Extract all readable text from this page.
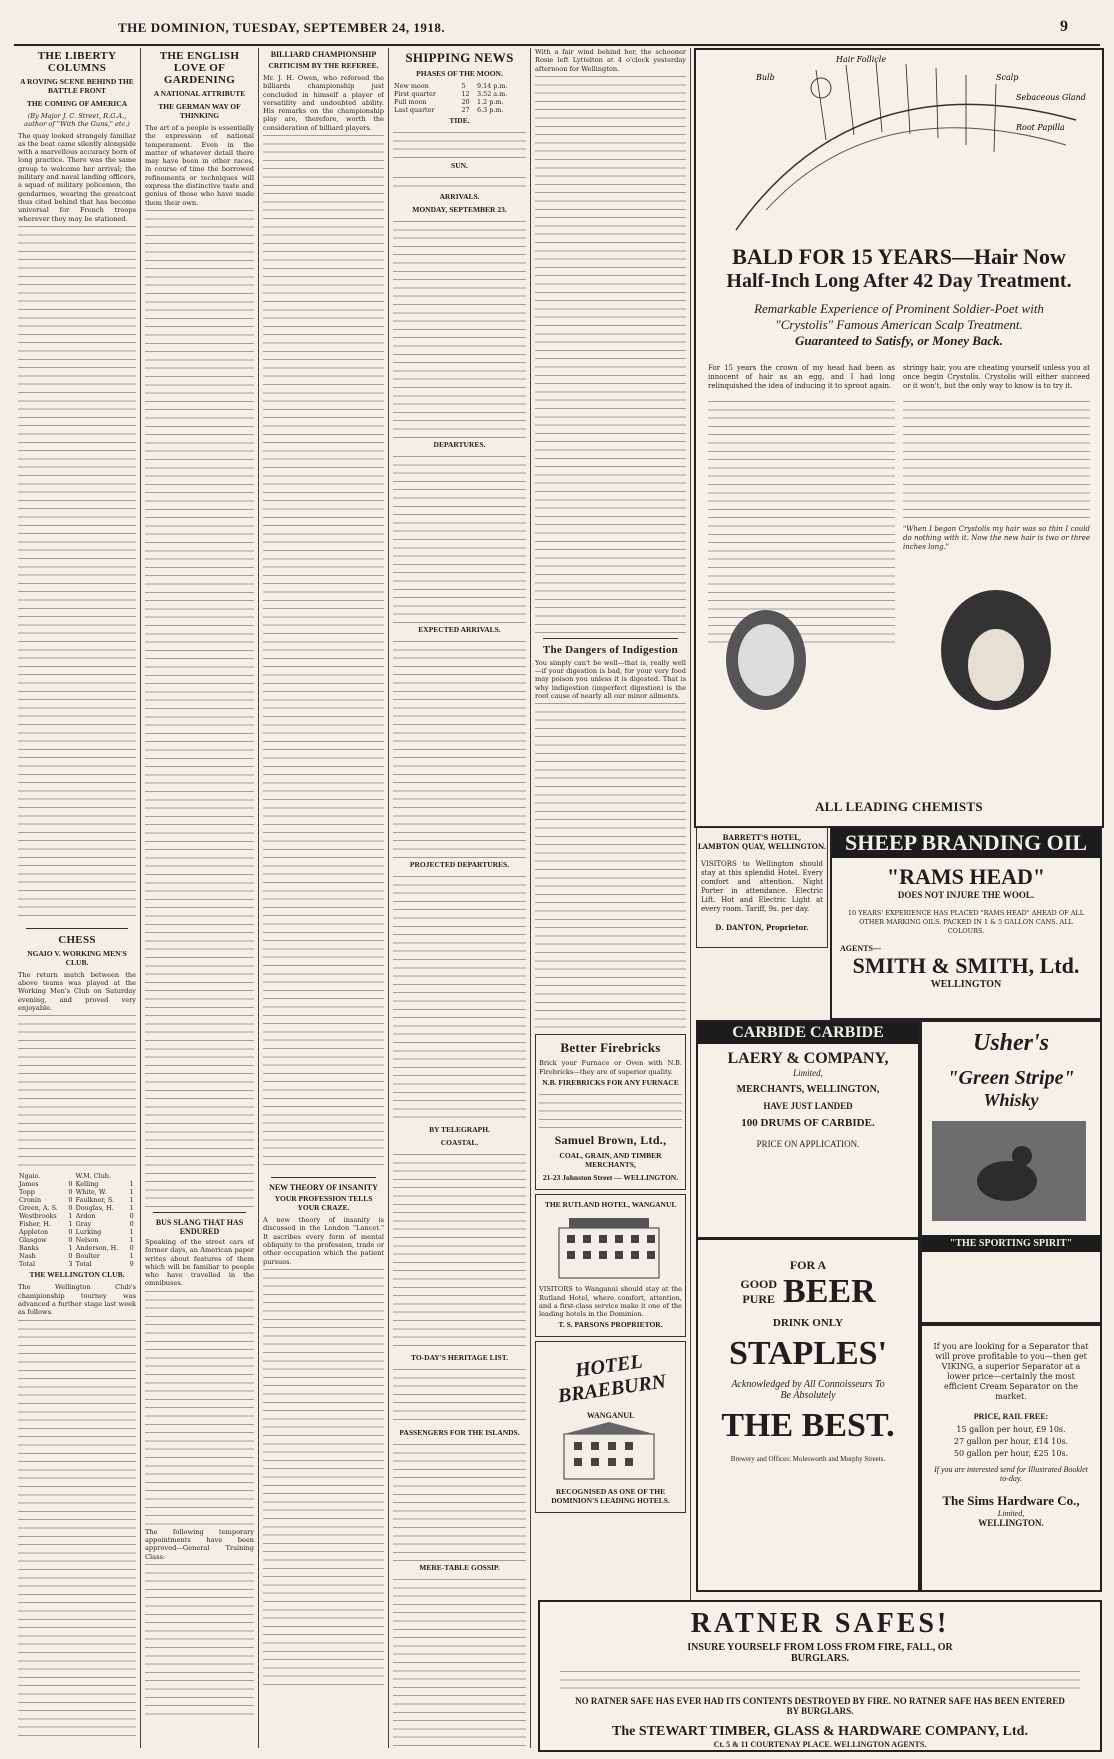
THE DOMINION, TUESDAY, SEPTEMBER 24, 1918.	9
THE LIBERTY COLUMNS
A ROVING SCENE BEHIND THE BATTLE FRONT
THE COMING OF AMERICA
(By Major J. C. Street, R.G.A., author of "With the Guns," etc.)

The quay looked strangely familiar as the boat came silently alongside with a marvellous accuracy born of long practice. There was the same group to welcome her arrival; the military and naval landing officers, a squad of military policemen, the gendarmes, wearing the greatcoat thus cited behind that has become universal for French troops wherever they may be stationed.

CHESS
NGAIO V. WORKING MEN'S CLUB.

The return match between the above teams was played at the Working Men's Club on Saturday evening, and proved very enjoyable.

Ngaio.		W.M. Club.	
James	0	Kelling	1
Topp	0	White, W.	1
Cronin	0	Faulkner, S.	1
Green, A. S.	0	Douglas, H.	1
Westbrooks	1	Ardon	0
Fisher, H.	1	Gray	0
Appleton	0	Lurking	1
Glasgow	0	Nelson	1
Banks	1	Anderson, H.	0
Nash	0	Boulter	1
Total	3	Total	9
THE WELLINGTON CLUB.

The Wellington Club's championship tourney was advanced a further stage last week as follows.

THE ENGLISH LOVE OF GARDENING
A NATIONAL ATTRIBUTE
THE GERMAN WAY OF THINKING

The art of a people is essentially the expression of national temperament. Even in the matter of whatever detail there may have been in other races, in course of time the borrowed refinements or techniques will express the distinctive taste and genius of those who have made them their own.

BUS SLANG THAT HAS ENDURED

Speaking of the street cars of former days, an American paper writes about features of them which will be familiar to people who have travelled in the omnibuses.

The following temporary appointments have been approved—General Training Class:

BILLIARD CHAMPIONSHIP
CRITICISM BY THE REFEREE.

Mr. J. H. Owen, who refereed the billiards championship just concluded in himself a player of versatility and undoubted ability. His remarks on the championship play are, therefore, worth the consideration of billiard players.

NEW THEORY OF INSANITY
YOUR PROFESSION TELLS YOUR CRAZE.

A new theory of insanity is discussed in the London "Lancet." It ascribes every form of mental obliquity to the profession, trade or other occupation which the patient pursues.

SHIPPING NEWS
PHASES OF THE MOON.
New moon	5	9.14 p.m.
First quarter	12	3.52 a.m.
Full moon	20	1.2 p.m.
Last quarter	27	6.3 p.m.
TIDE.
SUN.
ARRIVALS.
MONDAY, SEPTEMBER 23.
DEPARTURES.
EXPECTED ARRIVALS.
PROJECTED DEPARTURES.
BY TELEGRAPH.
COASTAL.
TO-DAY'S HERITAGE LIST.
PASSENGERS FOR THE ISLANDS.
MERE-TABLE GOSSIP.

With a fair wind behind her, the schooner Rosie left Lyttelton at 4 o'clock yesterday afternoon for Wellington.

The Dangers of Indigestion

You simply can't be well—that is, really well—if your digestion is bad, for your very food may poison you unless it is digested. That is why indigestion (imperfect digestion) is the root cause of nearly all our minor ailments.

Better Firebricks

Brick your Furnace or Oven with N.B. Firebricks—they are of superior quality.

N.B. FIREBRICKS FOR ANY FURNACE
Samuel Brown, Ltd.,
COAL, GRAIN, AND TIMBER MERCHANTS,
21-23 Johnston Street — WELLINGTON.
THE RUTLAND HOTEL, WANGANUI.

VISITORS to Wanganui should stay at the Rutland Hotel, where comfort, attention, and a first-class service make it one of the leading hotels in the Dominion.

T. S. PARSONS PROPRIETOR.
HOTEL BRAEBURN
WANGANUI.
RECOGNISED AS ONE OF THE DOMINION'S LEADING HOTELS.
Bulb
Hair Follicle
Scalp
Sebaceous Gland
Root Papilla
BALD FOR 15 YEARS—Hair Now
Half-Inch Long After 42 Day Treatment.
Remarkable Experience of Prominent Soldier-Poet with
"Crystolis" Famous American Scalp Treatment.
Guaranteed to Satisfy, or Money Back.

For 15 years the crown of my head had been as innocent of hair as an egg, and I had long relinquished the idea of inducing it to sprout again.

stringy hair, you are cheating yourself unless you at once begin Crystolis. Crystolis will either succeed or it won't, but the only way to know is to try it.

"When I began Crystolis my hair was so thin I could do nothing with it. Now the new hair is two or three inches long."

ALL LEADING CHEMISTS
BARRETT'S HOTEL,
LAMBTON QUAY, WELLINGTON.

VISITORS to Wellington should stay at this splendid Hotel. Every comfort and attention. Night Porter in attendance. Electric Lift. Hot and Electric Light at every room. Tariff, 9s. per day.

D. DANTON, Proprietor.
SHEEP BRANDING OIL
"RAMS HEAD"
DOES NOT INJURE THE WOOL.

10 YEARS' EXPERIENCE HAS PLACED "RAMS HEAD" AHEAD OF ALL OTHER MARKING OILS. PACKED IN 1 & 5 GALLON CANS. ALL COLOURS.

AGENTS—
SMITH & SMITH, Ltd.
WELLINGTON
CARBIDE CARBIDE
LAERY & COMPANY,
Limited,
MERCHANTS, WELLINGTON,
HAVE JUST LANDED
100 DRUMS OF CARBIDE.
PRICE ON APPLICATION.
Usher's
"Green Stripe"
Whisky
"THE SPORTING SPIRIT"
FOR A
GOOD
PURE BEER
DRINK ONLY
STAPLES'
Acknowledged by All Connoisseurs To Be Absolutely
THE BEST.
Brewery and Offices: Molesworth and Murphy Streets.

If you are looking for a Separator that will prove profitable to you—then get VIKING, a superior Separator at a lower price—certainly the most efficient Cream Separator on the market.

PRICE, RAIL FREE:
15 gallon per hour, £9 10s.
27 gallon per hour, £14 10s.
50 gallon per hour, £25 10s.
If you are interested send for Illustrated Booklet to-day.
The Sims Hardware Co.,
Limited,
WELLINGTON.
RATNER SAFES!
INSURE YOURSELF FROM LOSS FROM FIRE, FALL, OR BURGLARS.
NO RATNER SAFE HAS EVER HAD ITS CONTENTS DESTROYED BY FIRE. NO RATNER SAFE HAS BEEN ENTERED BY BURGLARS.
The STEWART TIMBER, GLASS & HARDWARE COMPANY, Ltd.
Ct. 5 & 11 COURTENAY PLACE. WELLINGTON AGENTS.
